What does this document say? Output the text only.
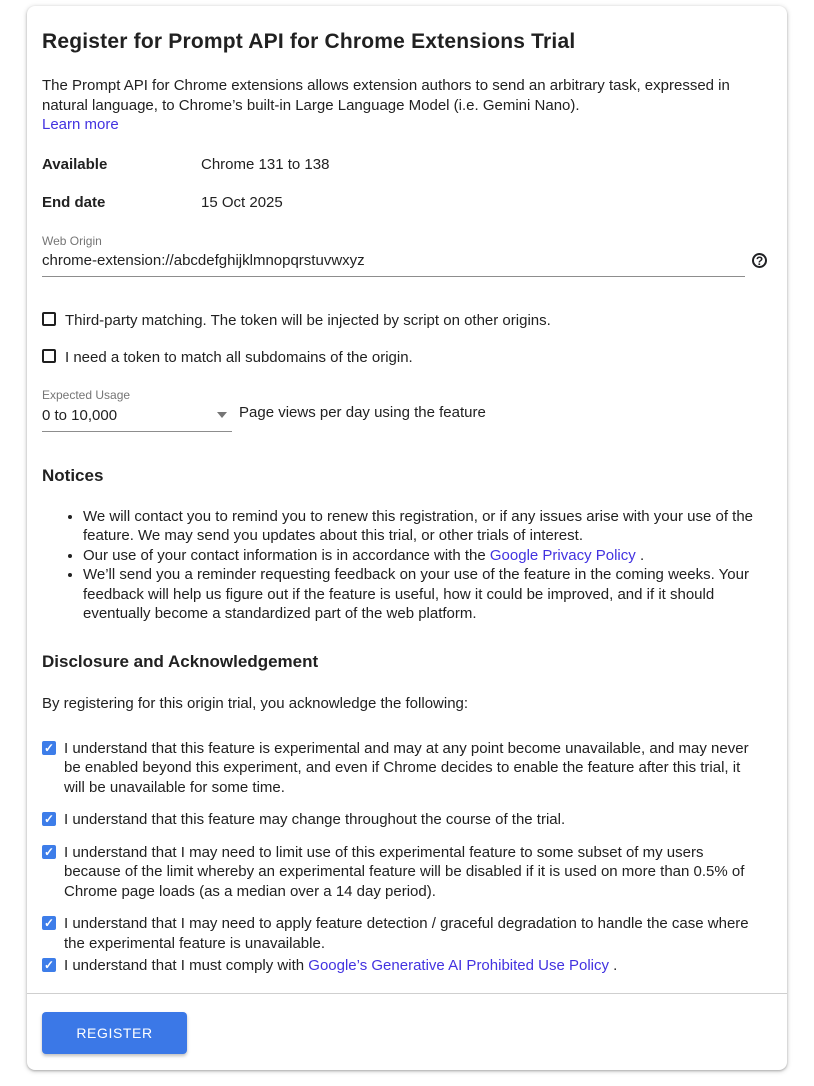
Register for Prompt API for Chrome Extensions Trial

The Prompt API for Chrome extensions allows extension authors to send an arbitrary task, expressed in natural language, to Chrome’s built-in Large Language Model (i.e. Gemini Nano).

Learn more
Available	Chrome 131 to 138
End date	15 Oct 2025
Web Origin
chrome-extension://abcdefghijklmnopqrstuvwxyz
?
Third-party matching. The token will be injected by script on other origins.
I need a token to match all subdomains of the origin.
Expected Usage
0 to 10,000	Page views per day using the feature
Notices
• We will contact you to remind you to renew this registration, or if any issues arise with your use of the feature. We may send you updates about this trial, or other trials of interest.
• Our use of your contact information is in accordance with the Google Privacy Policy .
• We’ll send you a reminder requesting feedback on your use of the feature in the coming weeks. Your feedback will help us figure out if the feature is useful, how it could be improved, and if it should eventually become a standardized part of the web platform.
Disclosure and Acknowledgement

By registering for this origin trial, you acknowledge the following:

✓
I understand that this feature is experimental and may at any point become unavailable, and may never be enabled beyond this experiment, and even if Chrome decides to enable the feature after this trial, it will be unavailable for some time.
✓
I understand that this feature may change throughout the course of the trial.
✓
I understand that I may need to limit use of this experimental feature to some subset of my users because of the limit whereby an experimental feature will be disabled if it is used on more than 0.5% of Chrome page loads (as a median over a 14 day period).
✓
I understand that I may need to apply feature detection / graceful degradation to handle the case where the experimental feature is unavailable.
✓
I understand that I must comply with Google’s Generative AI Prohibited Use Policy .
REGISTER
